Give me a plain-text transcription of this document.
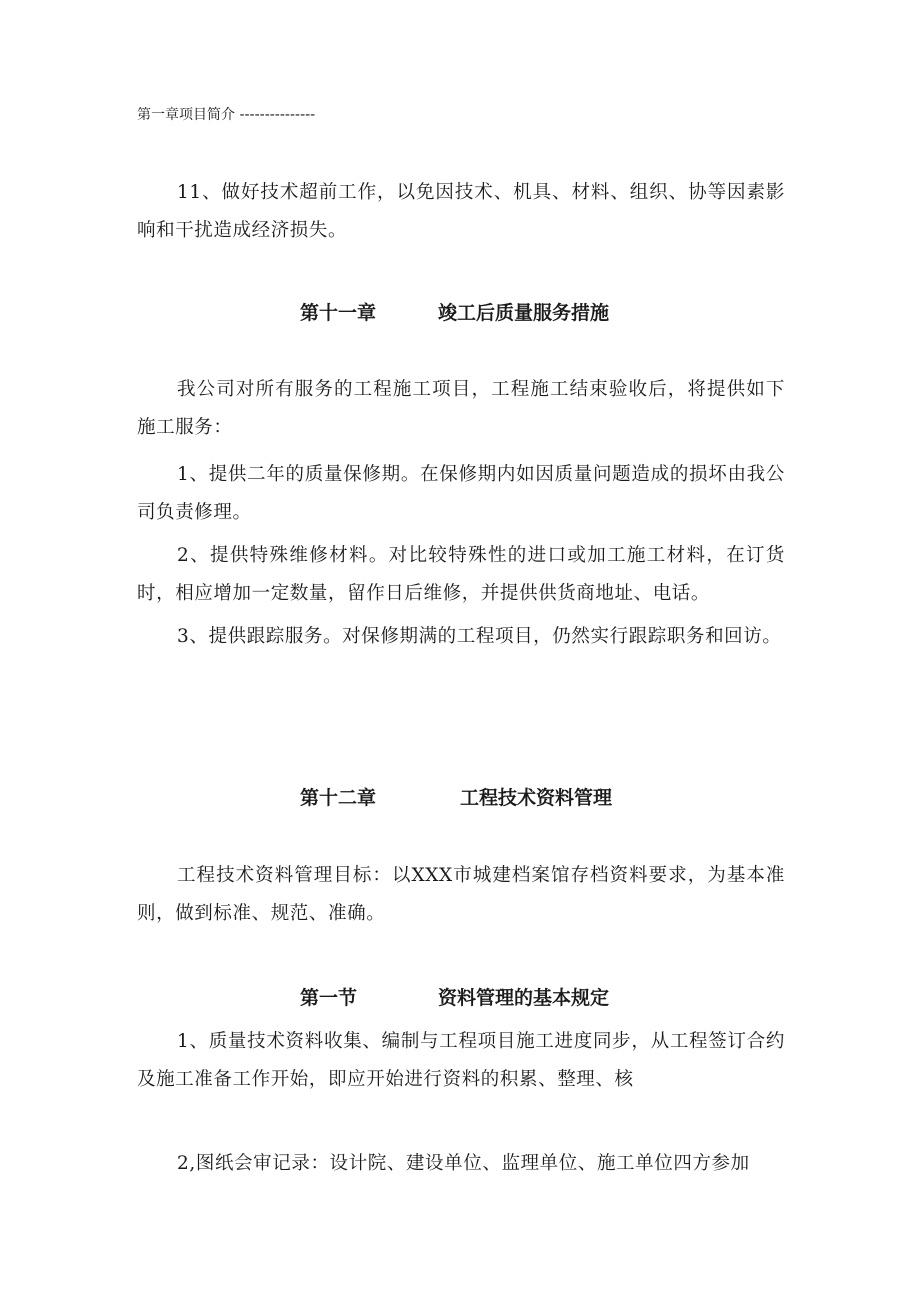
第一章项目简介 ---------------

11、做好技术超前工作，以免因技术、机具、材料、组织、协等因素影响和干扰造成经济损失。

第十一章	竣工后质量服务措施

我公司对所有服务的工程施工项目，工程施工结束验收后，将提供如下施工服务：

1、提供二年的质量保修期。在保修期内如因质量问题造成的损坏由我公司负责修理。

2、提供特殊维修材料。对比较特殊性的进口或加工施工材料，在订货时，相应增加一定数量，留作日后维修，并提供供货商地址、电话。

3、提供跟踪服务。对保修期满的工程项目，仍然实行跟踪职务和回访。

第十二章	工程技术资料管理

工程技术资料管理目标：以XXX市城建档案馆存档资料要求，为基本准则，做到标准、规范、准确。

第一节	资料管理的基本规定

1、质量技术资料收集、编制与工程项目施工进度同步，从工程签订合约及施工准备工作开始，即应开始进行资料的积累、整理、核

2,图纸会审记录：设计院、建设单位、监理单位、施工单位四方参加
